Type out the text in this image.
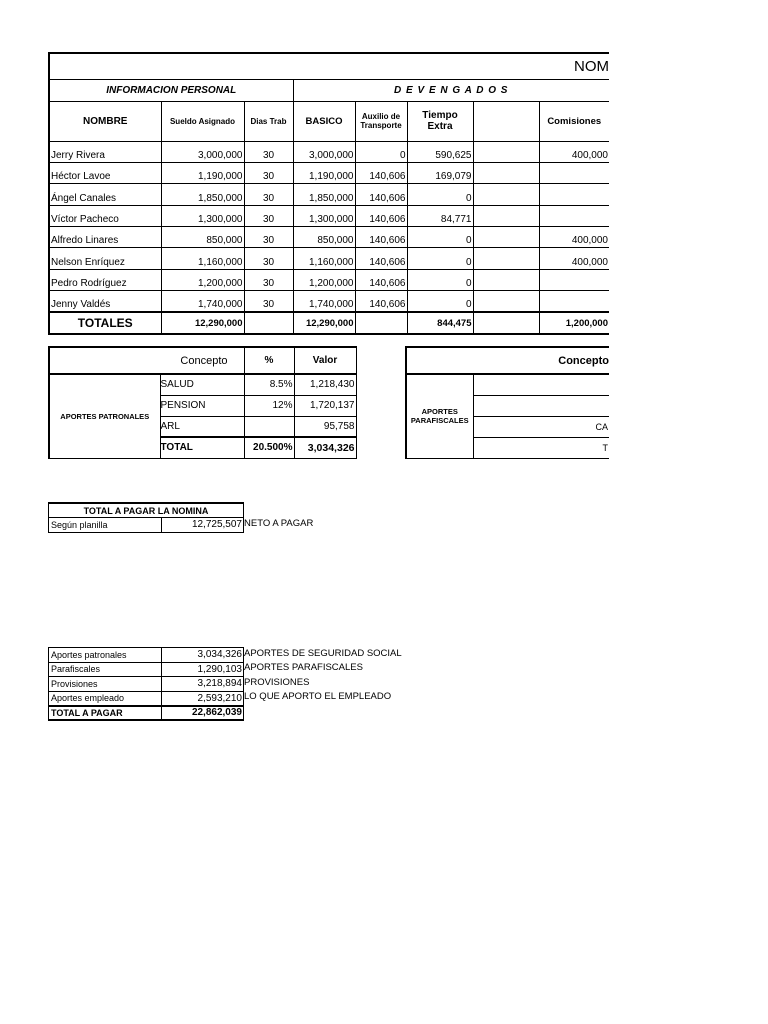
NOM							
INFORMACION PERSONAL			D E V E N G A D O S				
NOMBRE	Sueldo Asignado	Dias Trab	BASICO	Auxilio de Transporte	Tiempo Extra		Comisiones
Jerry Rivera	3,000,000	30	3,000,000	0	590,625		400,000
Héctor Lavoe	1,190,000	30	1,190,000	140,606	169,079		
Ángel Canales	1,850,000	30	1,850,000	140,606	0		
Víctor Pacheco	1,300,000	30	1,300,000	140,606	84,771		
Alfredo Linares	850,000	30	850,000	140,606	0		400,000
Nelson Enríquez	1,160,000	30	1,160,000	140,606	0		400,000
Pedro Rodríguez	1,200,000	30	1,200,000	140,606	0		
Jenny Valdés	1,740,000	30	1,740,000	140,606	0		
TOTALES	12,290,000		12,290,000		844,475		1,200,000
Concepto		%	Valor
APORTES PATRONALES	SALUD	8.5%	1,218,430
	PENSION	12%	1,720,137
	ARL		95,758
	TOTAL	20.500%	3,034,326
Concepto
APORTES PARAFISCALES	

CA
T
TOTAL A PAGAR LA NOMINA
Según planilla	12,725,507 NETO A PAGAR
Aportes patronales	3,034,326
Parafiscales	1,290,103
Provisiones	3,218,894
Aportes empleado	2,593,210
TOTAL A PAGAR	22,862,039
APORTES DE SEGURIDAD SOCIAL
APORTES PARAFISCALES
PROVISIONES
LO QUE APORTO EL EMPLEADO
